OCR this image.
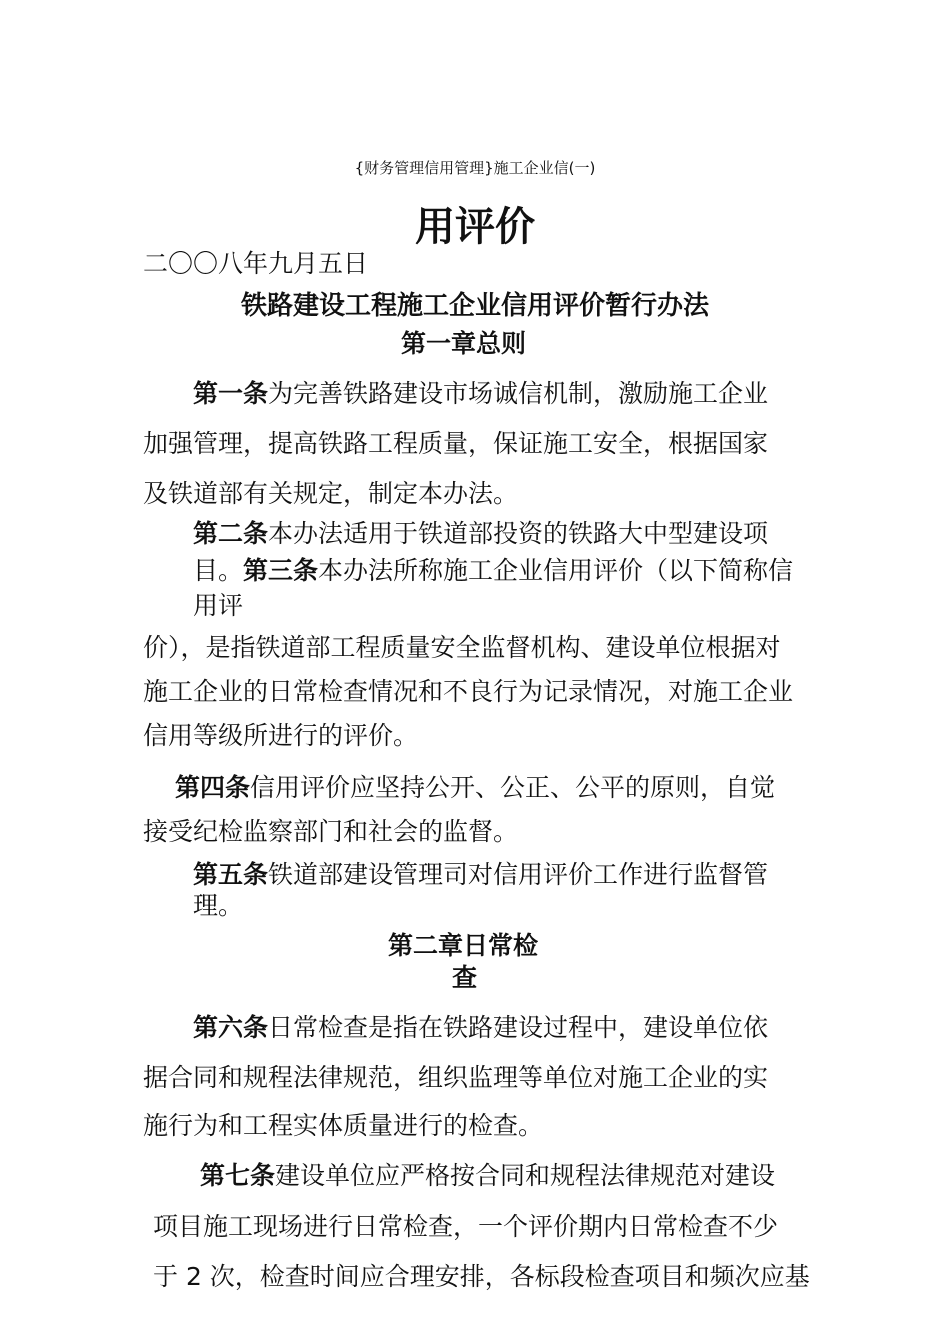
{财务管理信用管理}施工企业信(一)

用评价

二〇〇八年九月五日

铁路建设工程施工企业信用评价暂行办法

第一章总则

第一条为完善铁路建设市场诚信机制，激励施工企业

加强管理，提高铁路工程质量，保证施工安全，根据国家

及铁道部有关规定，制定本办法。

第二条本办法适用于铁道部投资的铁路大中型建设项

目。第三条本办法所称施工企业信用评价（以下简称信

用评

价），是指铁道部工程质量安全监督机构、建设单位根据对

施工企业的日常检查情况和不良行为记录情况，对施工企业

信用等级所进行的评价。

第四条信用评价应坚持公开、公正、公平的原则，自觉

接受纪检监察部门和社会的监督。

第五条铁道部建设管理司对信用评价工作进行监督管

理。

第二章日常检

查

第六条日常检查是指在铁路建设过程中，建设单位依

据合同和规程法律规范，组织监理等单位对施工企业的实

施行为和工程实体质量进行的检查。

第七条建设单位应严格按合同和规程法律规范对建设

项目施工现场进行日常检查，一个评价期内日常检查不少

于 2 次，检查时间应合理安排，各标段检查项目和频次应基
